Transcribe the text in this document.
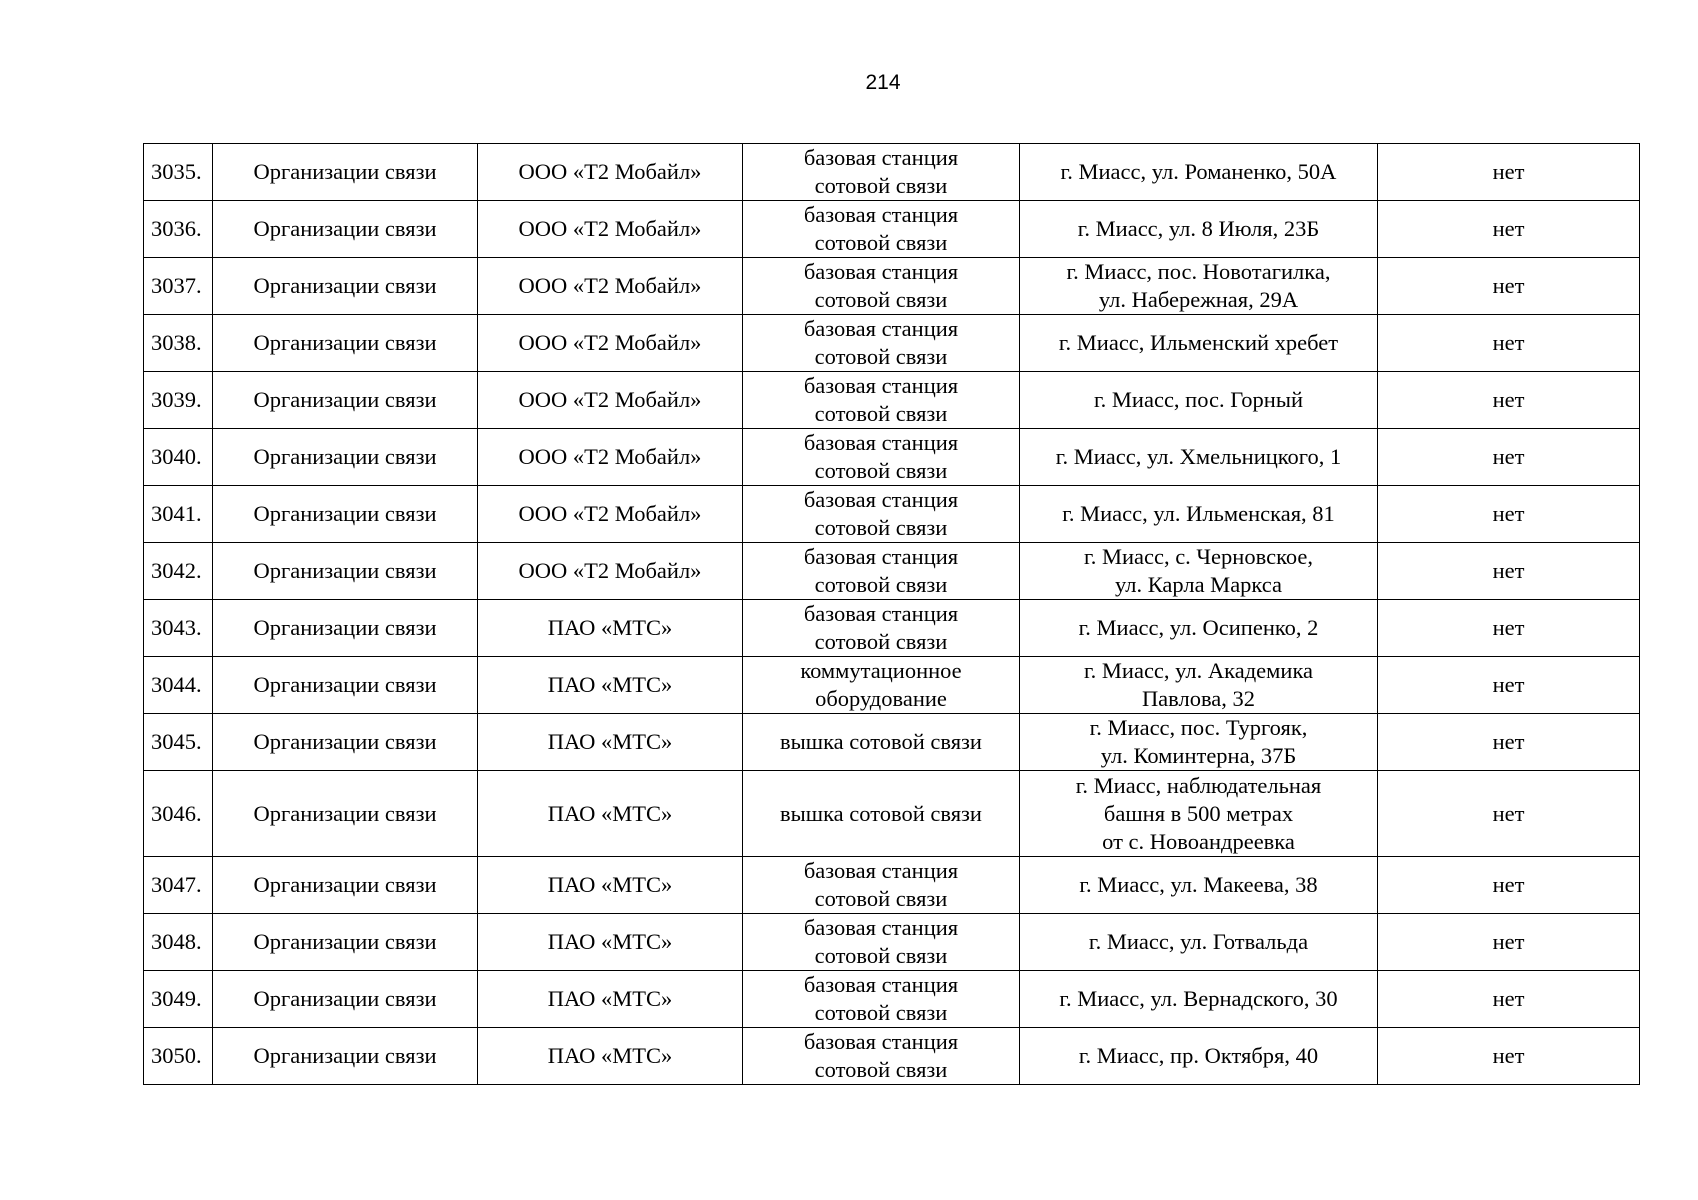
214
3035.	Организации связи	ООО «Т2 Мобайл»	базовая станция
сотовой связи	г. Миасс, ул. Романенко, 50А	нет
3036.	Организации связи	ООО «Т2 Мобайл»	базовая станция
сотовой связи	г. Миасс, ул. 8 Июля, 23Б	нет
3037.	Организации связи	ООО «Т2 Мобайл»	базовая станция
сотовой связи	г. Миасс, пос. Новотагилка,
ул. Набережная, 29А	нет
3038.	Организации связи	ООО «Т2 Мобайл»	базовая станция
сотовой связи	г. Миасс, Ильменский хребет	нет
3039.	Организации связи	ООО «Т2 Мобайл»	базовая станция
сотовой связи	г. Миасс, пос. Горный	нет
3040.	Организации связи	ООО «Т2 Мобайл»	базовая станция
сотовой связи	г. Миасс, ул. Хмельницкого, 1	нет
3041.	Организации связи	ООО «Т2 Мобайл»	базовая станция
сотовой связи	г. Миасс, ул. Ильменская, 81	нет
3042.	Организации связи	ООО «Т2 Мобайл»	базовая станция
сотовой связи	г. Миасс, с. Черновское,
ул. Карла Маркса	нет
3043.	Организации связи	ПАО «МТС»	базовая станция
сотовой связи	г. Миасс, ул. Осипенко, 2	нет
3044.	Организации связи	ПАО «МТС»	коммутационное
оборудование	г. Миасс, ул. Академика
Павлова, 32	нет
3045.	Организации связи	ПАО «МТС»	вышка сотовой связи	г. Миасс, пос. Тургояк,
ул. Коминтерна, 37Б	нет
3046.	Организации связи	ПАО «МТС»	вышка сотовой связи	г. Миасс, наблюдательная
башня в 500 метрах
от с. Новоандреевка	нет
3047.	Организации связи	ПАО «МТС»	базовая станция
сотовой связи	г. Миасс, ул. Макеева, 38	нет
3048.	Организации связи	ПАО «МТС»	базовая станция
сотовой связи	г. Миасс, ул. Готвальда	нет
3049.	Организации связи	ПАО «МТС»	базовая станция
сотовой связи	г. Миасс, ул. Вернадского, 30	нет
3050.	Организации связи	ПАО «МТС»	базовая станция
сотовой связи	г. Миасс, пр. Октября, 40	нет
